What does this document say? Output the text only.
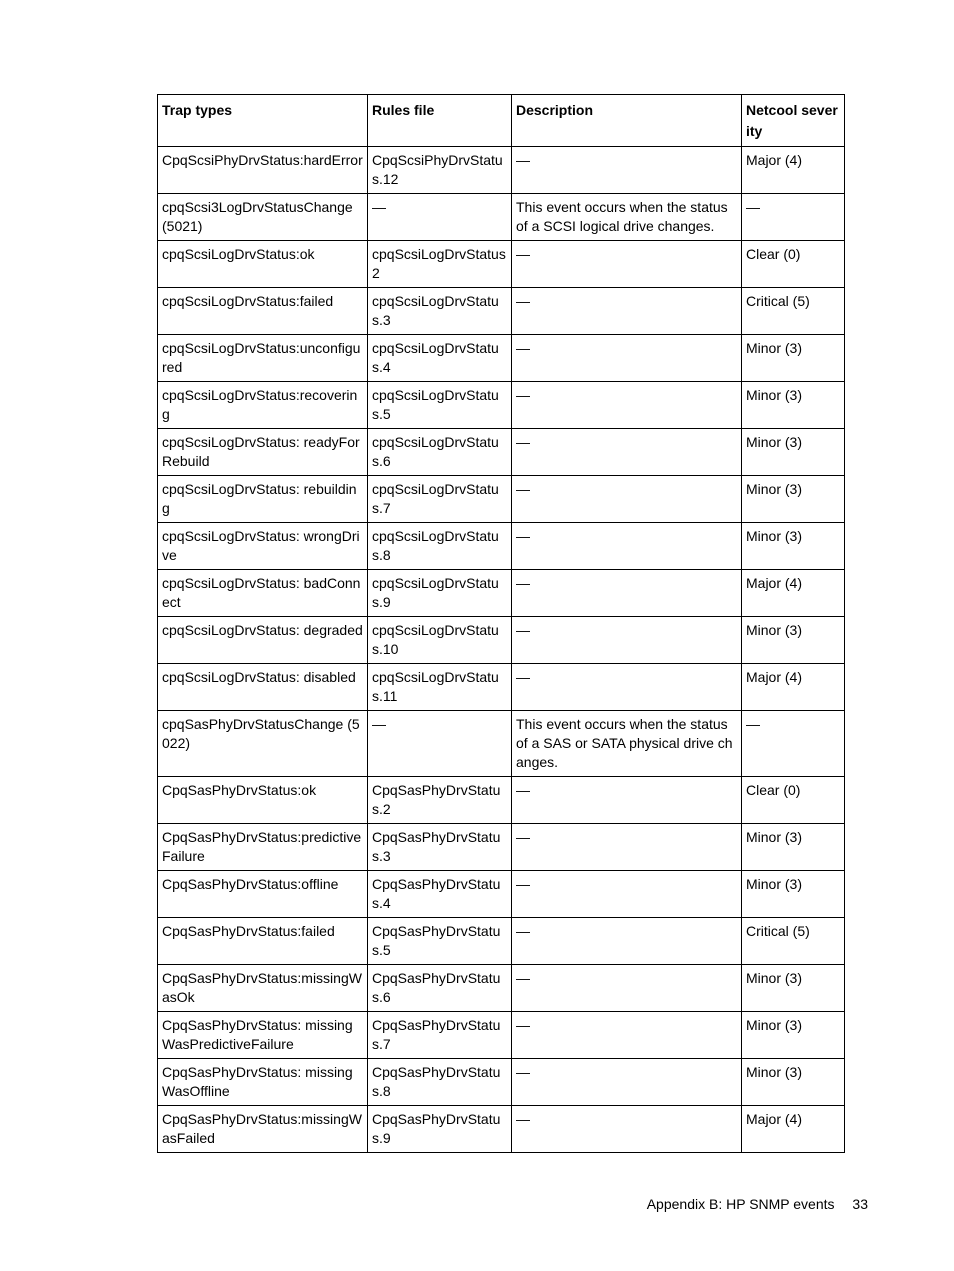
Trap types	Rules file	Description	Netcool severity
CpqScsiPhyDrvStatus:hardError	CpqScsiPhyDrvStatus.12	—	Major (4)
cpqScsi3LogDrvStatusChange (5021)	—	This event occurs when the status of a SCSI logical drive changes.	—
cpqScsiLogDrvStatus:ok	cpqScsiLogDrvStatus2	—	Clear (0)
cpqScsiLogDrvStatus:failed	cpqScsiLogDrvStatus.3	—	Critical (5)
cpqScsiLogDrvStatus:unconfigured	cpqScsiLogDrvStatus.4	—	Minor (3)
cpqScsiLogDrvStatus:recovering	cpqScsiLogDrvStatus.5	—	Minor (3)
cpqScsiLogDrvStatus: readyForRebuild	cpqScsiLogDrvStatus.6	—	Minor (3)
cpqScsiLogDrvStatus: rebuilding	cpqScsiLogDrvStatus.7	—	Minor (3)
cpqScsiLogDrvStatus: wrongDrive	cpqScsiLogDrvStatus.8	—	Minor (3)
cpqScsiLogDrvStatus: badConnect	cpqScsiLogDrvStatus.9	—	Major (4)
cpqScsiLogDrvStatus: degraded	cpqScsiLogDrvStatus.10	—	Minor (3)
cpqScsiLogDrvStatus: disabled	cpqScsiLogDrvStatus.11	—	Major (4)
cpqSasPhyDrvStatusChange (5022)	—	This event occurs when the status of a SAS or SATA physical drive changes.	—
CpqSasPhyDrvStatus:ok	CpqSasPhyDrvStatus.2	—	Clear (0)
CpqSasPhyDrvStatus:predictive Failure	CpqSasPhyDrvStatus.3	—	Minor (3)
CpqSasPhyDrvStatus:offline	CpqSasPhyDrvStatus.4	—	Minor (3)
CpqSasPhyDrvStatus:failed	CpqSasPhyDrvStatus.5	—	Critical (5)
CpqSasPhyDrvStatus:missingWasOk	CpqSasPhyDrvStatus.6	—	Minor (3)
CpqSasPhyDrvStatus: missingWasPredictiveFailure	CpqSasPhyDrvStatus.7	—	Minor (3)
CpqSasPhyDrvStatus: missingWasOffline	CpqSasPhyDrvStatus.8	—	Minor (3)
CpqSasPhyDrvStatus:missingWasFailed	CpqSasPhyDrvStatus.9	—	Major (4)
Appendix B: HP SNMP events 33
